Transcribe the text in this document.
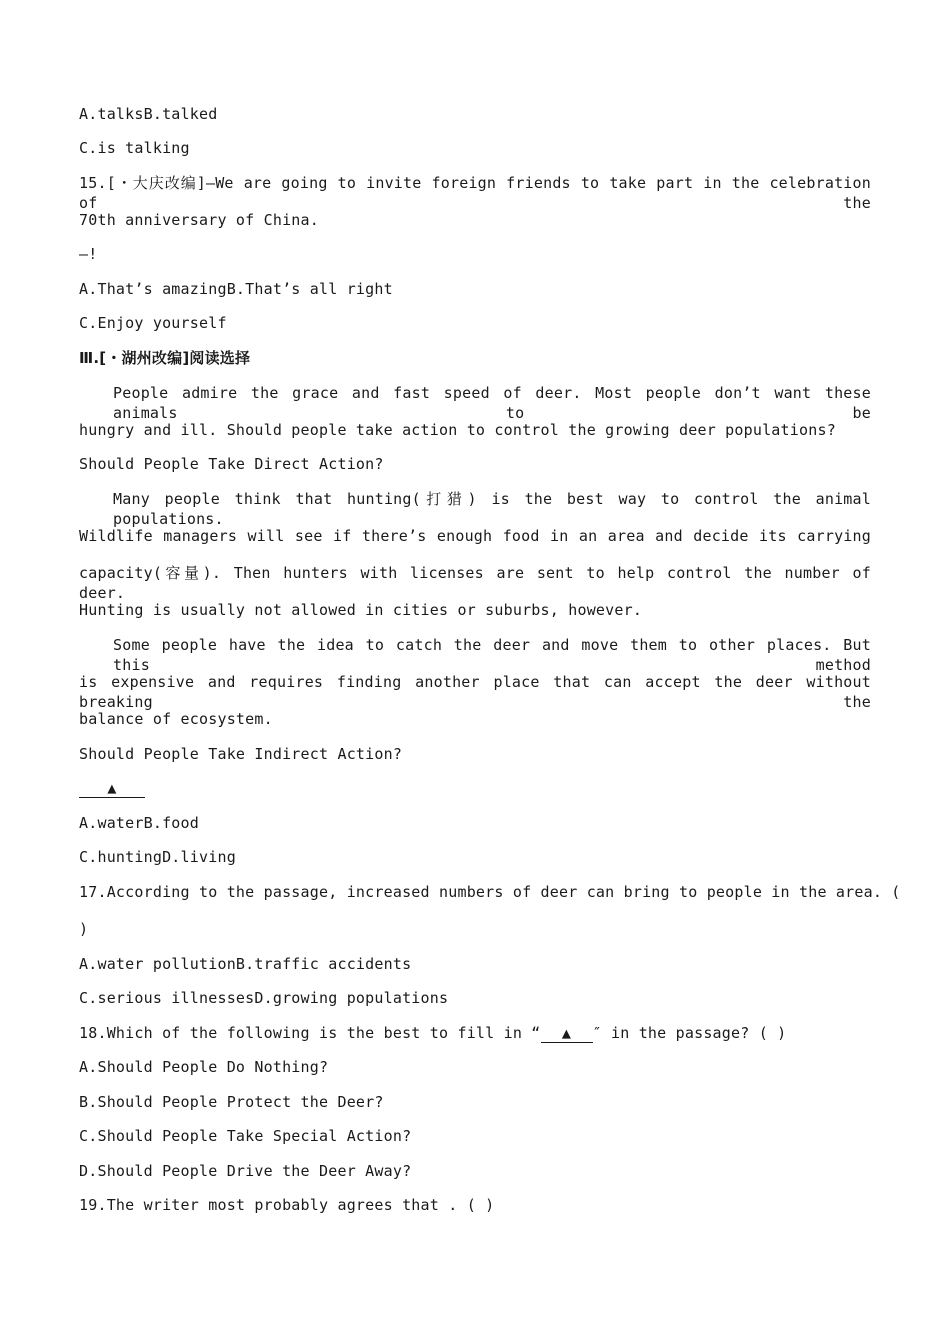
A.talksB.talked
C.is talking
15.[・大庆改编]—We are going to invite foreign friends to take part in the celebration of the
70th anniversary of China.
—!
A.That’s amazingB.That’s all right
C.Enjoy yourself
Ⅲ.[・湖州改编]阅读选择
People admire the grace and fast speed of deer. Most people don’t want these animals to be
hungry and ill. Should people take action to control the growing deer populations?
Should People Take Direct Action?
Many people think that hunting(打猎) is the best way to control the animal populations.
Wildlife managers will see if there’s enough food in an area and decide its carrying
capacity(容量). Then hunters with licenses are sent to help control the number of deer.
Hunting is usually not allowed in cities or suburbs, however.
Some people have the idea to catch the deer and move them to other places. But this method
is expensive and requires finding another place that can accept the deer without breaking the
balance of ecosystem.
Should People Take Indirect Action?
▲
A.waterB.food
C.huntingD.living
17.According to the passage, increased numbers of deer can bring to people in the area. (
)
A.water pollutionB.traffic accidents
C.serious illnessesD.growing populations
18.Which of the following is the best to fill in “ ▲ ″ in the passage? ( )
A.Should People Do Nothing?
B.Should People Protect the Deer?
C.Should People Take Special Action?
D.Should People Drive the Deer Away?
19.The writer most probably agrees that . ( )
